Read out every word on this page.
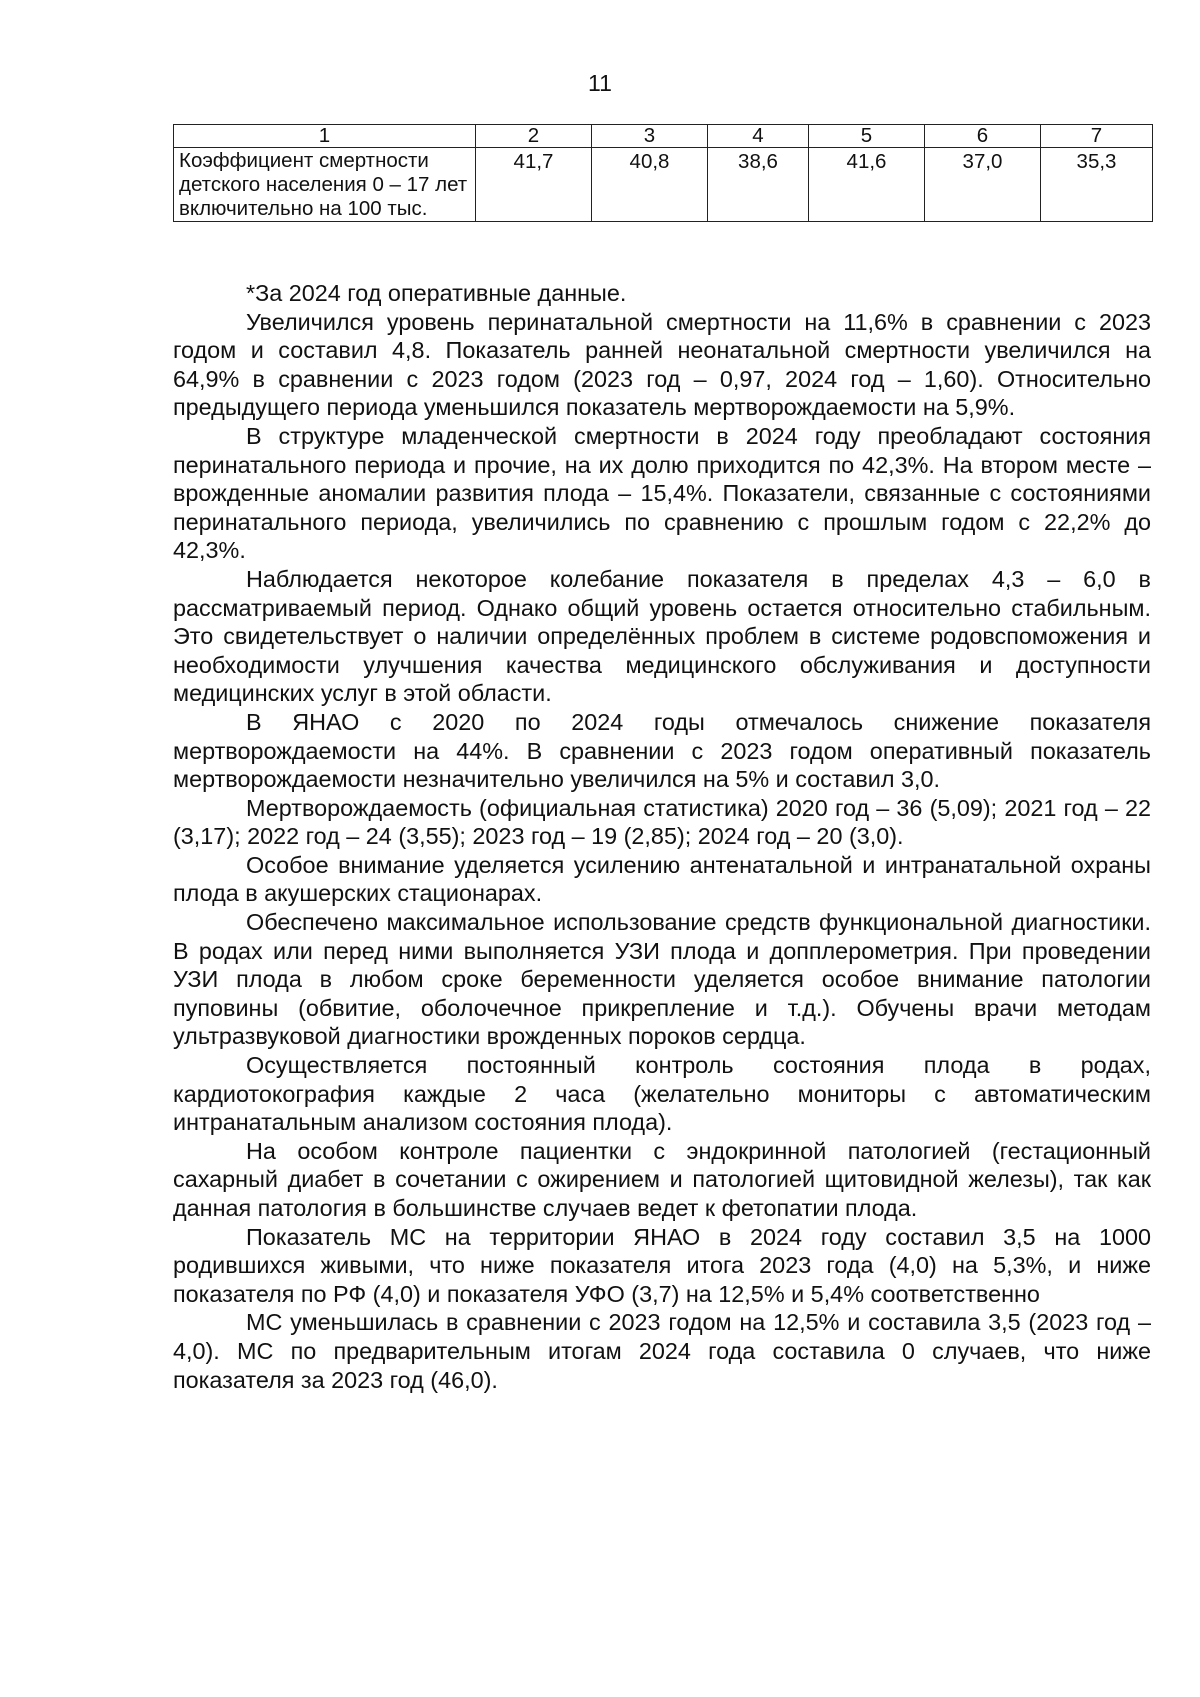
11
1	2	3	4	5	6	7
Коэффициент смертности детского населения 0 – 17 лет включительно на 100 тыс.	41,7	40,8	38,6	41,6	37,0	35,3

*За 2024 год оперативные данные.

Увеличился уровень перинатальной смертности на 11,6% в сравнении с 2023 годом и составил 4,8. Показатель ранней неонатальной смертности увеличился на 64,9% в сравнении с 2023 годом (2023 год – 0,97, 2024 год – 1,60). Относительно предыдущего периода уменьшился показатель мертворождаемости на 5,9%.

В структуре младенческой смертности в 2024 году преобладают состояния перинатального периода и прочие, на их долю приходится по 42,3%. На втором месте – врожденные аномалии развития плода – 15,4%. Показатели, связанные с состояниями перинатального периода, увеличились по сравнению с прошлым годом с 22,2% до 42,3%.

Наблюдается некоторое колебание показателя в пределах 4,3 – 6,0 в рассматриваемый период. Однако общий уровень остается относительно стабильным. Это свидетельствует о наличии определённых проблем в системе родовспоможения и необходимости улучшения качества медицинского обслуживания и доступности медицинских услуг в этой области.

В ЯНАО с 2020 по 2024 годы отмечалось снижение показателя мертворождаемости на 44%. В сравнении с 2023 годом оперативный показатель мертворождаемости незначительно увеличился на 5% и составил 3,0.

Мертворождаемость (официальная статистика) 2020 год – 36 (5,09); 2021 год – 22 (3,17); 2022 год – 24 (3,55); 2023 год – 19 (2,85); 2024 год – 20 (3,0).

Особое внимание уделяется усилению антенатальной и интранатальной охраны плода в акушерских стационарах.

Обеспечено максимальное использование средств функциональной диагностики. В родах или перед ними выполняется УЗИ плода и допплерометрия. При проведении УЗИ плода в любом сроке беременности уделяется особое внимание патологии пуповины (обвитие, оболочечное прикрепление и т.д.). Обучены врачи методам ультразвуковой диагностики врожденных пороков сердца.

Осуществляется постоянный контроль состояния плода в родах, кардиотокография каждые 2 часа (желательно мониторы с автоматическим интранатальным анализом состояния плода).

На особом контроле пациентки с эндокринной патологией (гестационный сахарный диабет в сочетании с ожирением и патологией щитовидной железы), так как данная патология в большинстве случаев ведет к фетопатии плода.

Показатель МС на территории ЯНАО в 2024 году составил 3,5 на 1000 родившихся живыми, что ниже показателя итога 2023 года (4,0) на 5,3%, и ниже показателя по РФ (4,0) и показателя УФО (3,7) на 12,5% и 5,4% соответственно

МС уменьшилась в сравнении с 2023 годом на 12,5% и составила 3,5 (2023 год – 4,0). МС по предварительным итогам 2024 года составила 0 случаев, что ниже показателя за 2023 год (46,0).
